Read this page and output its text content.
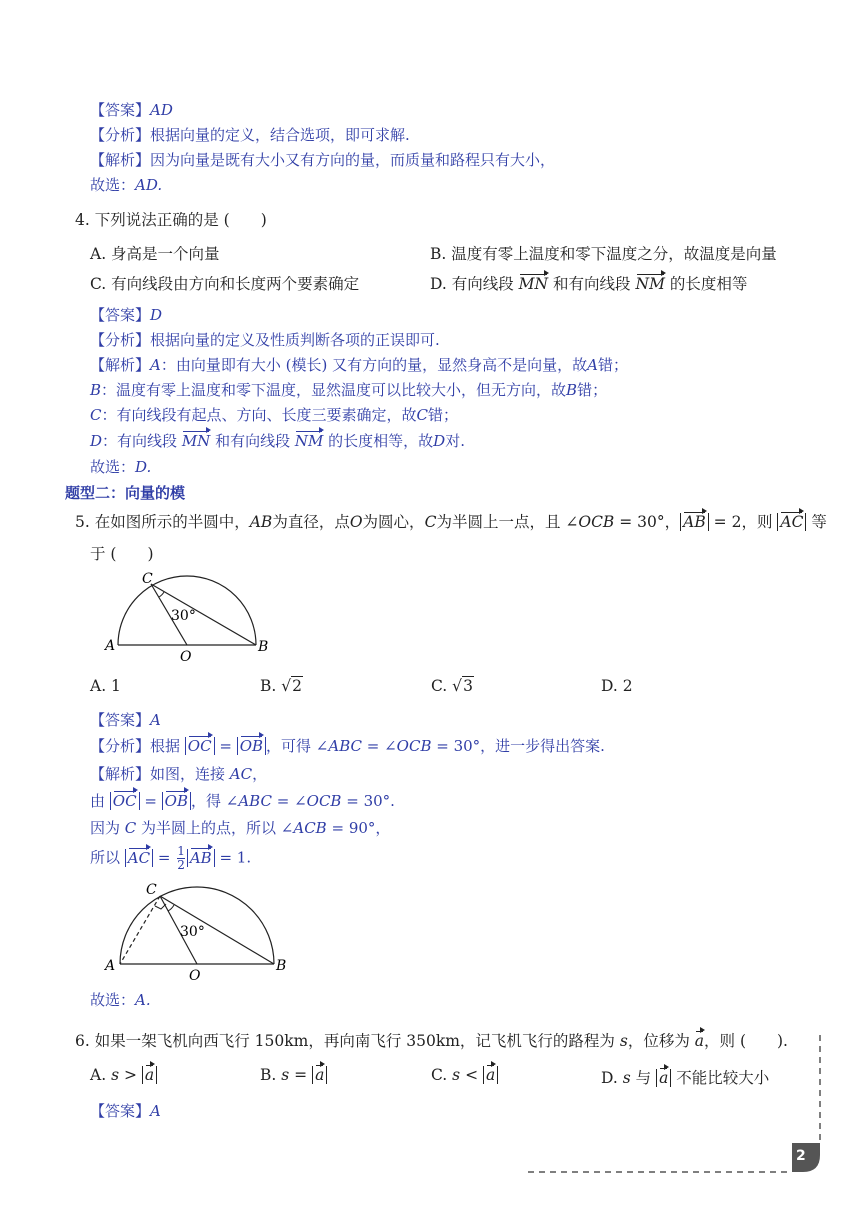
【答案】AD
【分析】根据向量的定义，结合选项，即可求解.
【解析】因为向量是既有大小又有方向的量，而质量和路程只有大小，
故选：AD.
4. 下列说法正确的是 (　　)
A. 身高是一个向量	B. 温度有零上温度和零下温度之分，故温度是向量
C. 有向线段由方向和长度两个要素确定	D. 有向线段 MN 和有向线段 NM 的长度相等
【答案】D
【分析】根据向量的定义及性质判断各项的正误即可.
【解析】A：由向量即有大小 (模长) 又有方向的量，显然身高不是向量，故A错；
B：温度有零上温度和零下温度，显然温度可以比较大小，但无方向，故B错；
C：有向线段有起点、方向、长度三要素确定，故C错；
D：有向线段 MN 和有向线段 NM 的长度相等，故D对.
故选：D.
题型二：向量的模
5. 在如图所示的半圆中，AB为直径，点O为圆心，C为半圆上一点，且 ∠OCB = 30°， AB = 2，则 AC 等
于 (　　)
C
A
O
B
30°
A. 1	B. √2	C. √3	D. 2
【答案】A
【分析】根据 OC = OB ，可得 ∠ABC = ∠OCB = 30°，进一步得出答案.
【解析】如图，连接 AC，
由 OC = OB ，得 ∠ABC = ∠OCB = 30°.
因为 C 为半圆上的点，所以 ∠ACB = 90°，
所以 AC = $\frac{1}{2}$ AB = 1.
C
A
O
B
30°
故选：A.
6. 如果一架飞机向西飞行 150km，再向南飞行 350km，记飞机飞行的路程为 s，位移为 a，则 (　　).
A. s > a	B. s = a	C. s < a	D. s 与 a 不能比较大小
【答案】A
2
